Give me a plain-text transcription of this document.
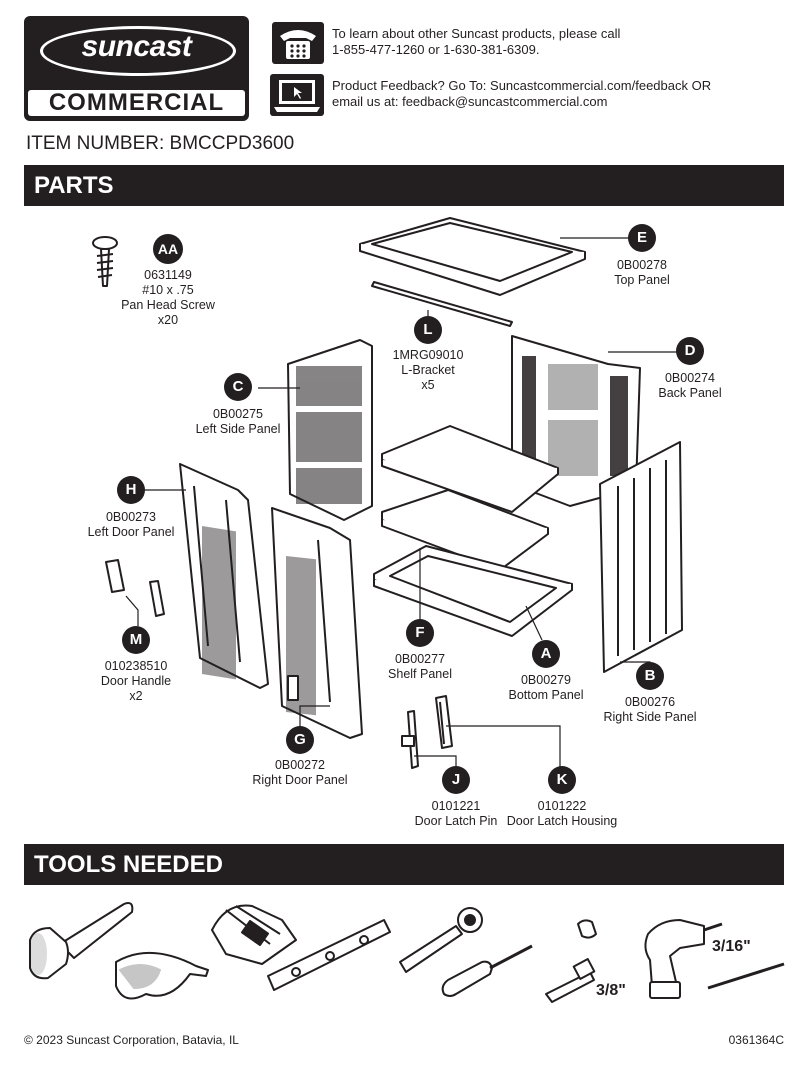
suncast
COMMERCIAL
To learn about other Suncast products, please call
1-855-477-1260 or 1-630-381-6309.
Product Feedback? Go To: Suncastcommercial.com/feedback OR
email us at: feedback@suncastcommercial.com
ITEM NUMBER: BMCCPD3600
PARTS
AA
0631149
#10 x .75
Pan Head Screw
x20
E
0B00278
Top Panel
L
1MRG09010
L-Bracket
x5
D
0B00274
Back Panel
C
0B00275
Left Side Panel
H
0B00273
Left Door Panel
M
010238510
Door Handle
x2
F
0B00277
Shelf Panel
A
0B00279
Bottom Panel
B
0B00276
Right Side Panel
G
0B00272
Right Door Panel	J
0101221
Door Latch Pin
K
0101222
Door Latch Housing
TOOLS NEEDED
3/8"
3/16"
© 2023 Suncast Corporation, Batavia, IL	0361364C
